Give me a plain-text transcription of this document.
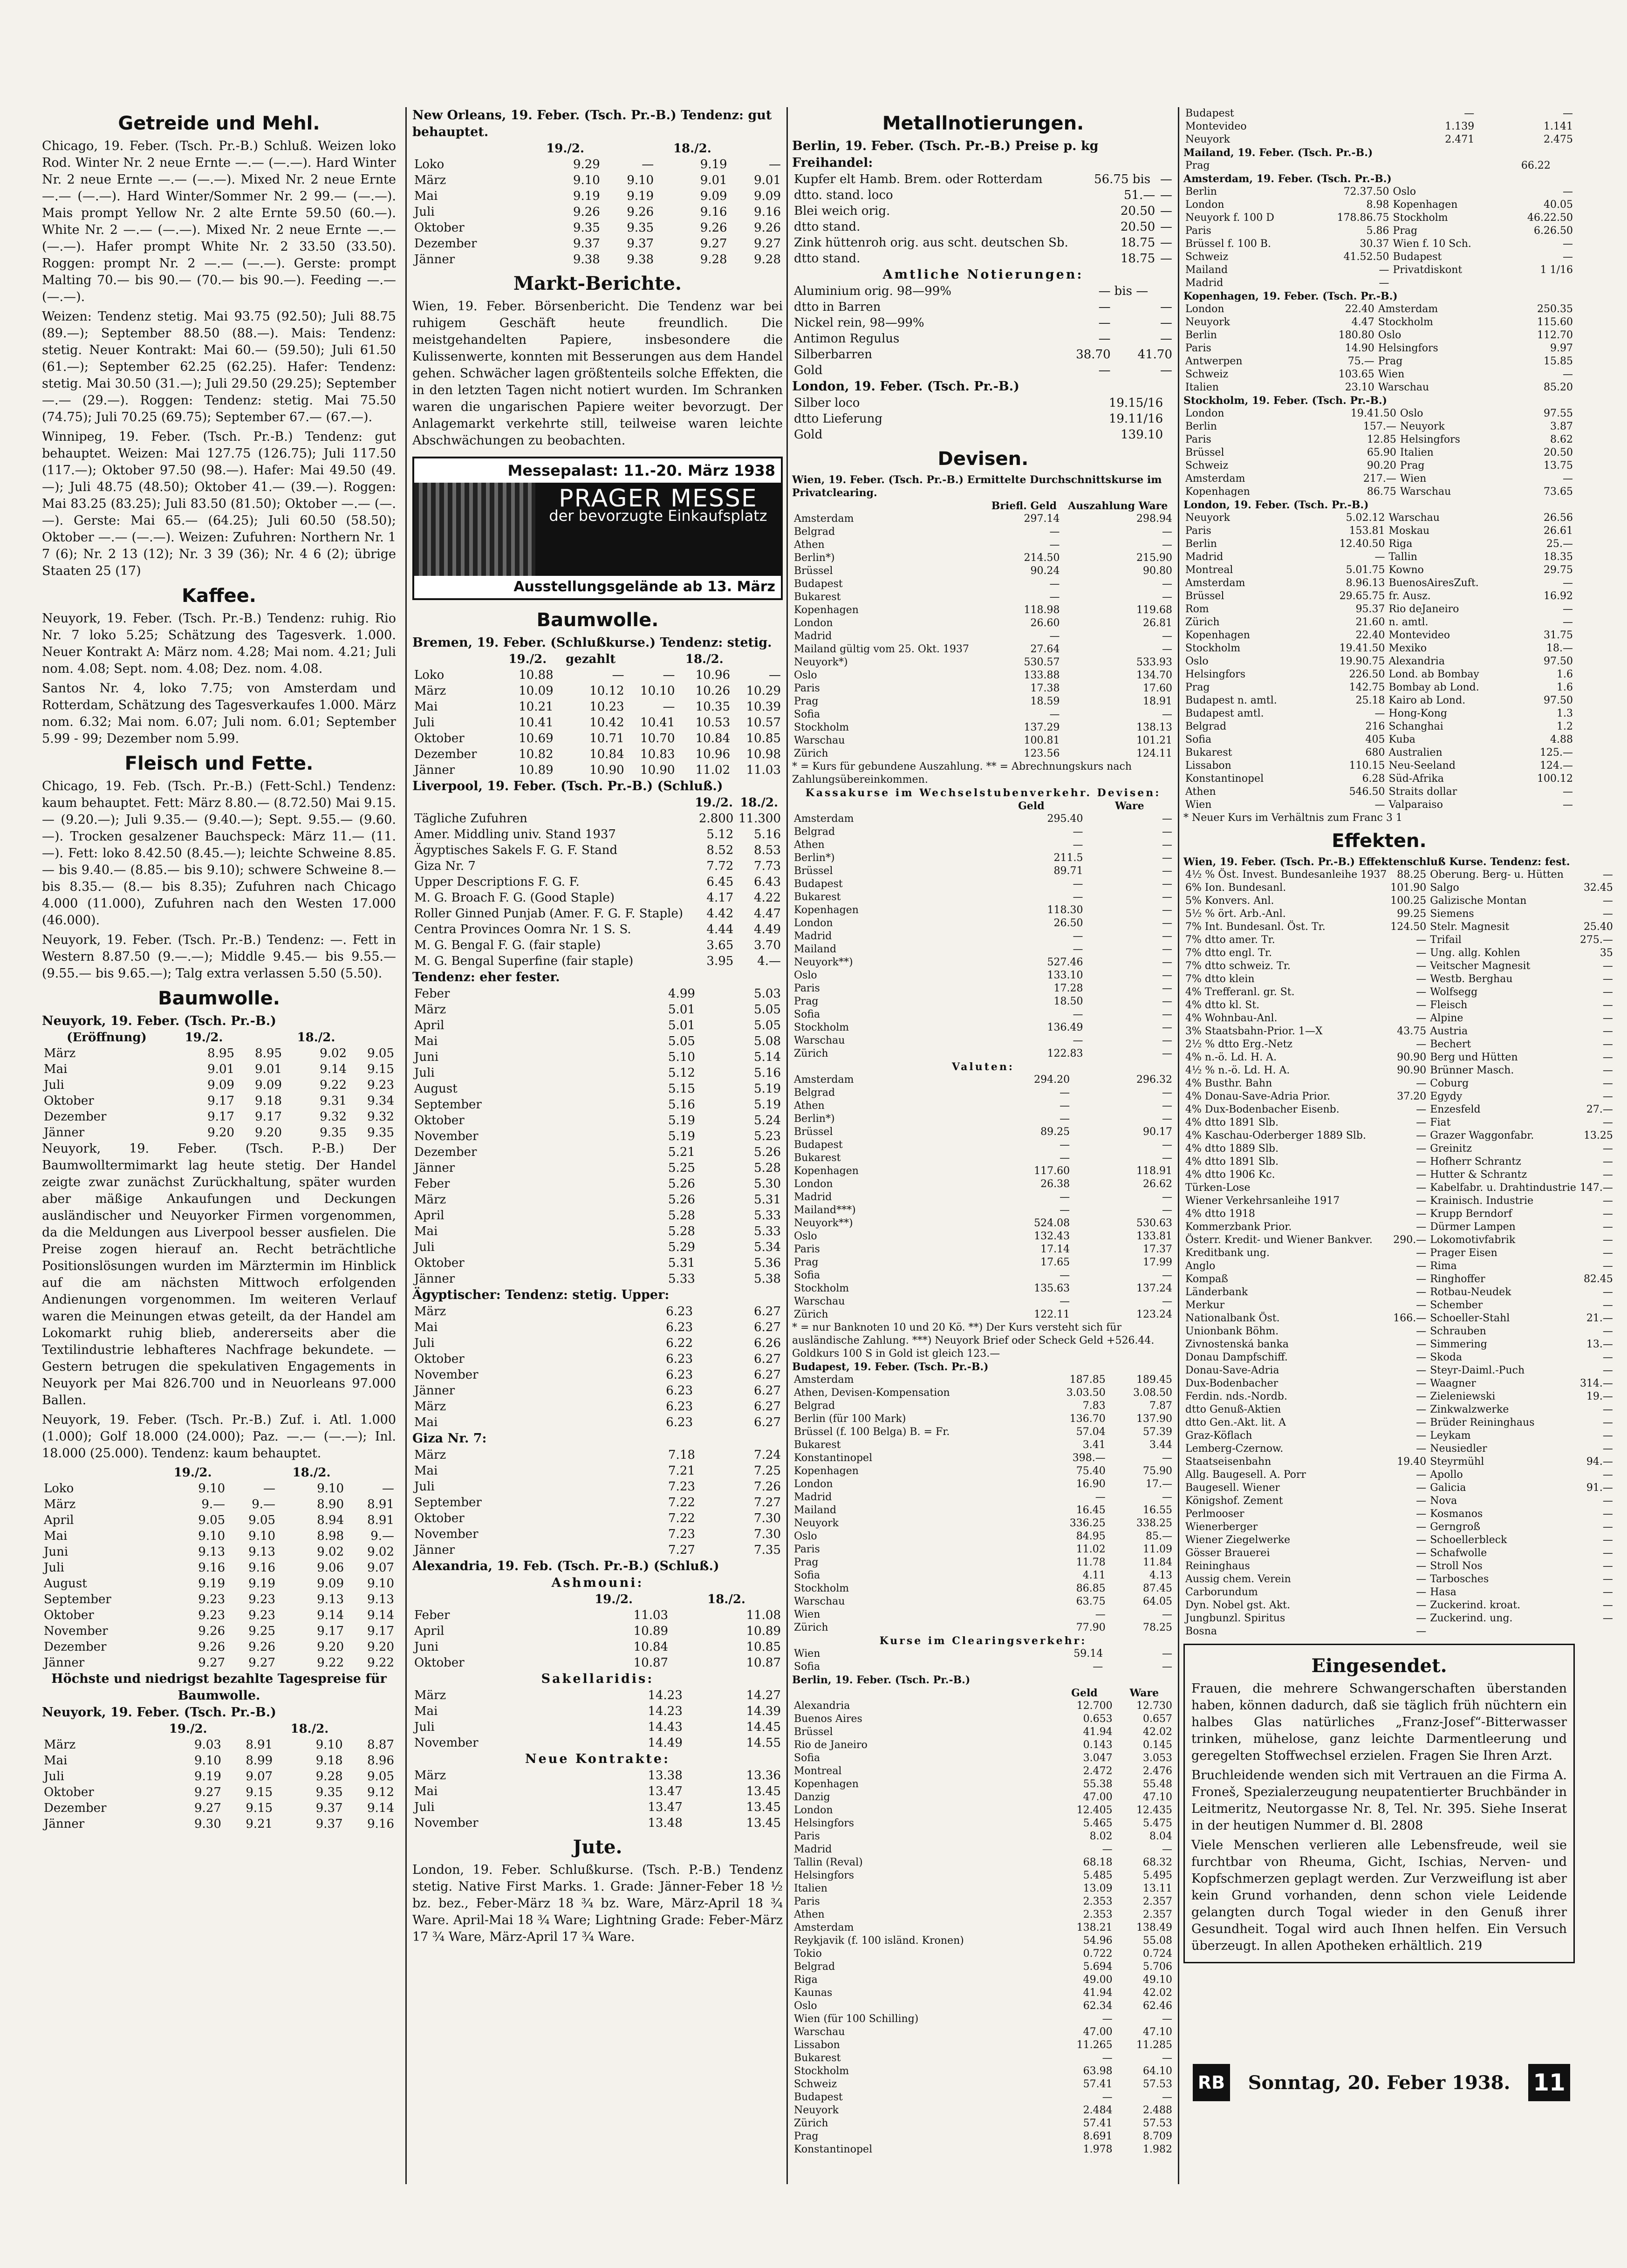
Getreide und Mehl.

Chicago, 19. Feber. (Tsch. Pr.-B.) Schluß. Weizen loko Rod. Winter Nr. 2 neue Ernte —.— (—.—). Hard Winter Nr. 2 neue Ernte —.— (—.—). Mixed Nr. 2 neue Ernte —.— (—.—). Hard Winter/Sommer Nr. 2 99.— (—.—). Mais prompt Yellow Nr. 2 alte Ernte 59.50 (60.—). White Nr. 2 —.— (—.—). Mixed Nr. 2 neue Ernte —.— (—.—). Hafer prompt White Nr. 2 33.50 (33.50). Roggen: prompt Nr. 2 —.— (—.—). Gerste: prompt Malting 70.— bis 90.— (70.— bis 90.—). Feeding —.— (—.—).

Weizen: Tendenz stetig. Mai 93.75 (92.50); Juli 88.75 (89.—); September 88.50 (88.—). Mais: Tendenz: stetig. Neuer Kontrakt: Mai 60.— (59.50); Juli 61.50 (61.—); September 62.25 (62.25). Hafer: Tendenz: stetig. Mai 30.50 (31.—); Juli 29.50 (29.25); September —.— (29.—). Roggen: Tendenz: stetig. Mai 75.50 (74.75); Juli 70.25 (69.75); September 67.— (67.—).

Winnipeg, 19. Feber. (Tsch. Pr.-B.) Tendenz: gut behauptet. Weizen: Mai 127.75 (126.75); Juli 117.50 (117.—); Oktober 97.50 (98.—). Hafer: Mai 49.50 (49.—); Juli 48.75 (48.50); Oktober 41.— (39.—). Roggen: Mai 83.25 (83.25); Juli 83.50 (81.50); Oktober —.— (—.—). Gerste: Mai 65.— (64.25); Juli 60.50 (58.50); Oktober —.— (—.—). Weizen: Zufuhren: Northern Nr. 1 7 (6); Nr. 2 13 (12); Nr. 3 39 (36); Nr. 4 6 (2); übrige Staaten 25 (17)

Kaffee.

Neuyork, 19. Feber. (Tsch. Pr.-B.) Tendenz: ruhig. Rio Nr. 7 loko 5.25; Schätzung des Tagesverk. 1.000. Neuer Kontrakt A: März nom. 4.28; Mai nom. 4.21; Juli nom. 4.08; Sept. nom. 4.08; Dez. nom. 4.08.

Santos Nr. 4, loko 7.75; von Amsterdam und Rotterdam, Schätzung des Tagesverkaufes 1.000. März nom. 6.32; Mai nom. 6.07; Juli nom. 6.01; September 5.99 - 99; Dezember nom 5.99.

Fleisch und Fette.

Chicago, 19. Feb. (Tsch. Pr.-B.) (Fett-Schl.) Tendenz: kaum behauptet. Fett: März 8.80.— (8.72.50) Mai 9.15.— (9.20.—); Juli 9.35.— (9.40.—); Sept. 9.55.— (9.60.—). Trocken gesalzener Bauchspeck: März 11.— (11.—). Fett: loko 8.42.50 (8.45.—); leichte Schweine 8.85.— bis 9.40.— (8.85.— bis 9.10); schwere Schweine 8.— bis 8.35.— (8.— bis 8.35); Zufuhren nach Chicago 4.000 (11.000), Zufuhren nach den Westen 17.000 (46.000).

Neuyork, 19. Feber. (Tsch. Pr.-B.) Tendenz: —. Fett in Western 8.87.50 (9.—.—); Middle 9.45.— bis 9.55.— (9.55.— bis 9.65.—); Talg extra verlassen 5.50 (5.50).

Baumwolle.
Neuyork, 19. Feber. (Tsch. Pr.-B.)
(Eröffnung)	19./2.		18./2.	
März	8.95	8.95	9.02	9.05
Mai	9.01	9.01	9.14	9.15
Juli	9.09	9.09	9.22	9.23
Oktober	9.17	9.18	9.31	9.34
Dezember	9.17	9.17	9.32	9.32
Jänner	9.20	9.20	9.35	9.35

Neuyork, 19. Feber. (Tsch. P.-B.) Der Baumwolltermimarkt lag heute stetig. Der Handel zeigte zwar zunächst Zurückhaltung, später wurden aber mäßige Ankaufungen und Deckungen ausländischer und Neuyorker Firmen vorgenommen, da die Meldungen aus Liverpool besser ausfielen. Die Preise zogen hierauf an. Recht beträchtliche Positionslösungen wurden im Märztermin im Hinblick auf die am nächsten Mittwoch erfolgenden Andienungen vorgenommen. Im weiteren Verlauf waren die Meinungen etwas geteilt, da der Handel am Lokomarkt ruhig blieb, andererseits aber die Textilindustrie lebhafteres Nachfrage bekundete. — Gestern betrugen die spekulativen Engagements in Neuyork per Mai 826.700 und in Neuorleans 97.000 Ballen.

Neuyork, 19. Feber. (Tsch. Pr.-B.) Zuf. i. Atl. 1.000 (1.000); Golf 18.000 (24.000); Paz. —.— (—.—); Inl. 18.000 (25.000). Tendenz: kaum behauptet.

	19./2.		18./2.	
Loko	9.10	—	9.10	—
März	9.—	9.—	8.90	8.91
April	9.05	9.05	8.94	8.91
Mai	9.10	9.10	8.98	9.—
Juni	9.13	9.13	9.02	9.02
Juli	9.16	9.16	9.06	9.07
August	9.19	9.19	9.09	9.10
September	9.23	9.23	9.13	9.13
Oktober	9.23	9.23	9.14	9.14
November	9.26	9.25	9.17	9.17
Dezember	9.26	9.26	9.20	9.20
Jänner	9.27	9.27	9.22	9.22
Höchste und niedrigst bezahlte Tagespreise für Baumwolle.
Neuyork, 19. Feber. (Tsch. Pr.-B.)
	19./2.		18./2.	
März	9.03	8.91	9.10	8.87
Mai	9.10	8.99	9.18	8.96
Juli	9.19	9.07	9.28	9.05
Oktober	9.27	9.15	9.35	9.12
Dezember	9.27	9.15	9.37	9.14
Jänner	9.30	9.21	9.37	9.16
New Orleans, 19. Feber. (Tsch. Pr.-B.) Tendenz: gut behauptet.
	19./2.		18./2.	
Loko	9.29	—	9.19	—
März	9.10	9.10	9.01	9.01
Mai	9.19	9.19	9.09	9.09
Juli	9.26	9.26	9.16	9.16
Oktober	9.35	9.35	9.26	9.26
Dezember	9.37	9.37	9.27	9.27
Jänner	9.38	9.38	9.28	9.28
Markt-Berichte.

Wien, 19. Feber. Börsenbericht. Die Tendenz war bei ruhigem Geschäft heute freundlich. Die meistgehandelten Papiere, insbesondere die Kulissenwerte, konnten mit Besserungen aus dem Handel gehen. Schwächer lagen größtenteils solche Effekten, die in den letzten Tagen nicht notiert wurden. Im Schranken waren die ungarischen Papiere weiter bevorzugt. Der Anlagemarkt verkehrte still, teilweise waren leichte Abschwächungen zu beobachten.

Messepalast: 11.-20. März 1938
PRAGER MESSE
der bevorzugte Einkaufsplatz
Ausstellungsgelände ab 13. März
Baumwolle.
Bremen, 19. Feber. (Schlußkurse.) Tendenz: stetig.
	19./2.	gezahlt		18./2.	
Loko	10.88	—	—	10.96	—
März	10.09	10.12	10.10	10.26	10.29
Mai	10.21	10.23	—	10.35	10.39
Juli	10.41	10.42	10.41	10.53	10.57
Oktober	10.69	10.71	10.70	10.84	10.85
Dezember	10.82	10.84	10.83	10.96	10.98
Jänner	10.89	10.90	10.90	11.02	11.03
Liverpool, 19. Feber. (Tsch. Pr.-B.) (Schluß.)
	19./2.	18./2.
Tägliche Zufuhren	2.800	11.300
Amer. Middling univ. Stand 1937	5.12	5.16
Ägyptisches Sakels F. G. F. Stand	8.52	8.53
Giza Nr. 7	7.72	7.73
Upper Descriptions F. G. F.	6.45	6.43
M. G. Broach F. G. (Good Staple)	4.17	4.22
Roller Ginned Punjab (Amer. F. G. F. Staple)	4.42	4.47
Centra Provinces Oomra Nr. 1 S. S.	4.44	4.49
M. G. Bengal F. G. (fair staple)	3.65	3.70
M. G. Bengal Superfine (fair staple)	3.95	4.—
Tendenz: eher fester.
Feber	4.99	5.03
März	5.01	5.05
April	5.01	5.05
Mai	5.05	5.08
Juni	5.10	5.14
Juli	5.12	5.16
August	5.15	5.19
September	5.16	5.19
Oktober	5.19	5.24
November	5.19	5.23
Dezember	5.21	5.26
Jänner	5.25	5.28
Feber	5.26	5.30
März	5.26	5.31
April	5.28	5.33
Mai	5.28	5.33
Juli	5.29	5.34
Oktober	5.31	5.36
Jänner	5.33	5.38
Ägyptischer: Tendenz: stetig. Upper:
März	6.23	6.27
Mai	6.23	6.27
Juli	6.22	6.26
Oktober	6.23	6.27
November	6.23	6.27
Jänner	6.23	6.27
März	6.23	6.27
Mai	6.23	6.27
Giza Nr. 7:
März	7.18	7.24
Mai	7.21	7.25
Juli	7.23	7.26
September	7.22	7.27
Oktober	7.22	7.30
November	7.23	7.30
Jänner	7.27	7.35
Alexandria, 19. Feb. (Tsch. Pr.-B.) (Schluß.)
Ashmouni:
	19./2.	18./2.
Feber	11.03	11.08
April	10.89	10.89
Juni	10.84	10.85
Oktober	10.87	10.87
Sakellaridis:
März	14.23	14.27
Mai	14.23	14.39
Juli	14.43	14.45
November	14.49	14.55
Neue Kontrakte:
März	13.38	13.36
Mai	13.47	13.45
Juli	13.47	13.45
November	13.48	13.45
Jute.

London, 19. Feber. Schlußkurse. (Tsch. P.-B.) Tendenz stetig. Native First Marks. 1. Grade: Jänner-Feber 18 ½ bz. bez., Feber-März 18 ¾ bz. Ware, März-April 18 ¾ Ware. April-Mai 18 ¾ Ware; Lightning Grade: Feber-März 17 ¾ Ware, März-April 17 ¾ Ware.

Metallnotierungen.
Berlin, 19. Feber. (Tsch. Pr.-B.) Preise p. kg Freihandel:
Kupfer elt Hamb. Brem. oder Rotterdam	56.75 bis	—
dtto. stand. loco	51.—	—
Blei weich orig.	20.50	—
dtto stand.	20.50	—
Zink hüttenroh orig. aus scht. deutschen Sb.	18.75	—
dtto stand.	18.75	—
Amtliche Notierungen:
Aluminium orig. 98—99%	—	bis —
dtto in Barren	—	—
Nickel rein, 98—99%	—	—
Antimon Regulus	—	—
Silberbarren	38.70	41.70
Gold	—	—
London, 19. Feber. (Tsch. Pr.-B.)
Silber loco	19.15/16	
dtto Lieferung	19.11/16	
Gold	139.10	
Devisen.
Wien, 19. Feber. (Tsch. Pr.-B.) Ermittelte Durchschnittskurse im Privatclearing.
	Briefl. Geld	Auszahlung Ware
Amsterdam	297.14	298.94
Belgrad	—	—
Athen	—	—
Berlin*)	214.50	215.90
Brüssel	90.24	90.80
Budapest	—	—
Bukarest	—	—
Kopenhagen	118.98	119.68
London	26.60	26.81
Madrid	—	—
Mailand gültig vom 25. Okt. 1937	27.64	—
Neuyork*)	530.57	533.93
Oslo	133.88	134.70
Paris	17.38	17.60
Prag	18.59	18.91
Sofia	—	—
Stockholm	137.29	138.13
Warschau	100.81	101.21
Zürich	123.56	124.11
* = Kurs für gebundene Auszahlung. ** = Abrechnungskurs nach Zahlungsübereinkommen.
Kassakurse im Wechselstubenverkehr. Devisen:
	Geld	Ware
Amsterdam	295.40	—
Belgrad	—	—
Athen	—	—
Berlin*)	211.5	—
Brüssel	89.71	—
Budapest	—	—
Bukarest	—	—
Kopenhagen	118.30	—
London	26.50	—
Madrid	—	—
Mailand	—	—
Neuyork**)	527.46	—
Oslo	133.10	—
Paris	17.28	—
Prag	18.50	—
Sofia	—	—
Stockholm	136.49	—
Warschau	—	—
Zürich	122.83	—
Valuten:
Amsterdam	294.20	296.32
Belgrad	—	—
Athen	—	—
Berlin*)	—	—
Brüssel	89.25	90.17
Budapest	—	—
Bukarest	—	—
Kopenhagen	117.60	118.91
London	26.38	26.62
Madrid	—	—
Mailand***)	—	—
Neuyork**)	524.08	530.63
Oslo	132.43	133.81
Paris	17.14	17.37
Prag	17.65	17.99
Sofia	—	—
Stockholm	135.63	137.24
Warschau	—	—
Zürich	122.11	123.24
* = nur Banknoten 10 und 20 Kö. **) Der Kurs versteht sich für ausländische Zahlung. ***) Neuyork Brief oder Scheck Geld +526.44. Goldkurs 100 S in Gold ist gleich 123.—
Budapest, 19. Feber. (Tsch. Pr.-B.)
Amsterdam	187.85	189.45
Athen, Devisen-Kompensation	3.03.50	3.08.50
Belgrad	7.83	7.87
Berlin (für 100 Mark)	136.70	137.90
Brüssel (f. 100 Belga) B. = Fr.	57.04	57.39
Bukarest	3.41	3.44
Konstantinopel	398.—	—
Kopenhagen	75.40	75.90
London	16.90	17.—
Madrid	—	—
Mailand	16.45	16.55
Neuyork	336.25	338.25
Oslo	84.95	85.—
Paris	11.02	11.09
Prag	11.78	11.84
Sofia	4.11	4.13
Stockholm	86.85	87.45
Warschau	63.75	64.05
Wien	—	—
Zürich	77.90	78.25
Kurse im Clearingsverkehr:
Wien	59.14	—
Sofia	—	—
Berlin, 19. Feber. (Tsch. Pr.-B.)
	Geld	Ware
Alexandria	12.700	12.730
Buenos Aires	0.653	0.657
Brüssel	41.94	42.02
Rio de Janeiro	0.143	0.145
Sofia	3.047	3.053
Montreal	2.472	2.476
Kopenhagen	55.38	55.48
Danzig	47.00	47.10
London	12.405	12.435
Helsingfors	5.465	5.475
Paris	8.02	8.04
Madrid	—	—
Tallin (Reval)	68.18	68.32
Helsingfors	5.485	5.495
Italien	13.09	13.11
Paris	2.353	2.357
Athen	2.353	2.357
Amsterdam	138.21	138.49
Reykjavik (f. 100 isländ. Kronen)	54.96	55.08
Tokio	0.722	0.724
Belgrad	5.694	5.706
Riga	49.00	49.10
Kaunas	41.94	42.02
Oslo	62.34	62.46
Wien (für 100 Schilling)	—	—
Warschau	47.00	47.10
Lissabon	11.265	11.285
Bukarest	—	—
Stockholm	63.98	64.10
Schweiz	57.41	57.53
Budapest	—	—
Neuyork	2.484	2.488
Zürich	57.41	57.53
Prag	8.691	8.709
Konstantinopel	1.978	1.982
Budapest	—	—
Montevideo	1.139	1.141
Neuyork	2.471	2.475
Mailand, 19. Feber. (Tsch. Pr.-B.)
Prag	66.22	
Amsterdam, 19. Feber. (Tsch. Pr.-B.)
Berlin	72.37.50	Oslo	—
London	8.98	Kopenhagen	40.05
Neuyork f. 100 D	178.86.75	Stockholm	46.22.50
Paris	5.86	Prag	6.26.50
Brüssel f. 100 B.	30.37	Wien f. 10 Sch.	—
Schweiz	41.52.50	Budapest	—
Mailand	—	Privatdiskont	1 1/16
Madrid	—		
Kopenhagen, 19. Feber. (Tsch. Pr.-B.)
London	22.40	Amsterdam	250.35
Neuyork	4.47	Stockholm	115.60
Berlin	180.80	Oslo	112.70
Paris	14.90	Helsingfors	9.97
Antwerpen	75.—	Prag	15.85
Schweiz	103.65	Wien	—
Italien	23.10	Warschau	85.20
Stockholm, 19. Feber. (Tsch. Pr.-B.)
London	19.41.50	Oslo	97.55
Berlin	157.—	Neuyork	3.87
Paris	12.85	Helsingfors	8.62
Brüssel	65.90	Italien	20.50
Schweiz	90.20	Prag	13.75
Amsterdam	217.—	Wien	—
Kopenhagen	86.75	Warschau	73.65
London, 19. Feber. (Tsch. Pr.-B.)
Neuyork	5.02.12	Warschau	26.56
Paris	153.81	Moskau	26.61
Berlin	12.40.50	Riga	25.—
Madrid	—	Tallin	18.35
Montreal	5.01.75	Kowno	29.75
Amsterdam	8.96.13	BuenosAiresZuft.	—
Brüssel	29.65.75	fr. Ausz.	16.92
Rom	95.37	Rio deJaneiro	—
Zürich	21.60	n. amtl.	—
Kopenhagen	22.40	Montevideo	31.75
Stockholm	19.41.50	Mexiko	18.—
Oslo	19.90.75	Alexandria	97.50
Helsingfors	226.50	Lond. ab Bombay	1.6
Prag	142.75	Bombay ab Lond.	1.6
Budapest n. amtl.	25.18	Kairo ab Lond.	97.50
Budapest amtl.	—	Hong-Kong	1.3
Belgrad	216	Schanghai	1.2
Sofia	405	Kuba	4.88
Bukarest	680	Australien	125.—
Lissabon	110.15	Neu-Seeland	124.—
Konstantinopel	6.28	Süd-Afrika	100.12
Athen	546.50	Straits dollar	—
Wien	—	Valparaiso	—
* Neuer Kurs im Verhältnis zum Franc 3 1
Effekten.
Wien, 19. Feber. (Tsch. Pr.-B.) Effektenschluß Kurse. Tendenz: fest.
4½ % Öst. Invest. Bundesanleihe 1937	88.25	Oberung. Berg- u. Hütten	—
6% Ion. Bundesanl.	101.90	Salgo	32.45
5% Konvers. Anl.	100.25	Galizische Montan	—
5½ % ört. Arb.-Anl.	99.25	Siemens	—
7% Int. Bundesanl. Öst. Tr.	124.50	Stelr. Magnesit	25.40
7% dtto amer. Tr.	—	Trifail	275.—
7% dtto engl. Tr.	—	Ung. allg. Kohlen	35
7% dtto schweiz. Tr.	—	Veitscher Magnesit	—
7% dtto klein	—	Westb. Berghau	—
4% Trefferanl. gr. St.	—	Wolfsegg	—
4% dtto kl. St.	—	Fleisch	—
4% Wohnbau-Anl.	—	Alpine	—
3% Staatsbahn-Prior. 1—X	43.75	Austria	—
2½ % dtto Erg.-Netz	—	Bechert	—
4% n.-ö. Ld. H. A.	90.90	Berg und Hütten	—
4½ % n.-ö. Ld. H. A.	90.90	Brünner Masch.	—
4% Busthr. Bahn	—	Coburg	—
4% Donau-Save-Adria Prior.	37.20	Egydy	—
4% Dux-Bodenbacher Eisenb.	—	Enzesfeld	27.—
4% dtto 1891 Slb.	—	Fiat	—
4% Kaschau-Oderberger 1889 Slb.	—	Grazer Waggonfabr.	13.25
4% dtto 1889 Slb.	—	Greinitz	—
4% dtto 1891 Slb.	—	Hofherr Schrantz	—
4% dtto 1906 Kc.	—	Hutter & Schrantz	—
Türken-Lose	—	Kabelfabr. u. Drahtindustrie	147.—
Wiener Verkehrsanleihe 1917	—	Krainisch. Industrie	—
4% dtto 1918	—	Krupp Berndorf	—
Kommerzbank Prior.	—	Dürmer Lampen	—
Österr. Kredit- und Wiener Bankver.	290.—	Lokomotivfabrik	—
Kreditbank ung.	—	Prager Eisen	—
Anglo	—	Rima	—
Kompaß	—	Ringhoffer	82.45
Länderbank	—	Rotbau-Neudek	—
Merkur	—	Schember	—
Nationalbank Öst.	166.—	Schoeller-Stahl	21.—
Unionbank Böhm.	—	Schrauben	—
Zivnostenská banka	—	Simmering	13.—
Donau Dampfschiff.	—	Skoda	—
Donau-Save-Adria	—	Steyr-Daiml.-Puch	—
Dux-Bodenbacher	—	Waagner	314.—
Ferdin. nds.-Nordb.	—	Zieleniewski	19.—
dtto Genuß-Aktien	—	Zinkwalzwerke	—
dtto Gen.-Akt. lit. A	—	Brüder Reininghaus	—
Graz-Köflach	—	Leykam	—
Lemberg-Czernow.	—	Neusiedler	—
Staatseisenbahn	19.40	Steyrmühl	94.—
Allg. Baugesell. A. Porr	—	Apollo	—
Baugesell. Wiener	—	Galicia	91.—
Königshof. Zement	—	Nova	—
Perlmooser	—	Kosmanos	—
Wienerberger	—	Gerngroß	—
Wiener Ziegelwerke	—	Schoellerbleck	—
Gösser Brauerei	—	Schafwolle	—
Reininghaus	—	Stroll Nos	—
Aussig chem. Verein	—	Tarbosches	—
Carborundum	—	Hasa	—
Dyn. Nobel gst. Akt.	—	Zuckerind. kroat.	—
Jungbunzl. Spiritus	—	Zuckerind. ung.	—
Bosna	—		
Eingesendet.

Frauen, die mehrere Schwangerschaften überstanden haben, können dadurch, daß sie täglich früh nüchtern ein halbes Glas natürliches „Franz-Josef“-Bitterwasser trinken, mühelose, ganz leichte Darmentleerung und geregelten Stoffwechsel erzielen. Fragen Sie Ihren Arzt.

Bruchleidende wenden sich mit Vertrauen an die Firma A. Froneš, Spezialerzeugung neupatentierter Bruchbänder in Leitmeritz, Neutorgasse Nr. 8, Tel. Nr. 395. Siehe Inserat in der heutigen Nummer d. Bl. 2808

Viele Menschen verlieren alle Lebensfreude, weil sie furchtbar von Rheuma, Gicht, Ischias, Nerven- und Kopfschmerzen geplagt werden. Zur Verzweiflung ist aber kein Grund vorhanden, denn schon viele Leidende gelangten durch Togal wieder in den Genuß ihrer Gesundheit. Togal wird auch Ihnen helfen. Ein Versuch überzeugt. In allen Apotheken erhältlich. 219

RB	Sonntag, 20. Feber 1938. 11
